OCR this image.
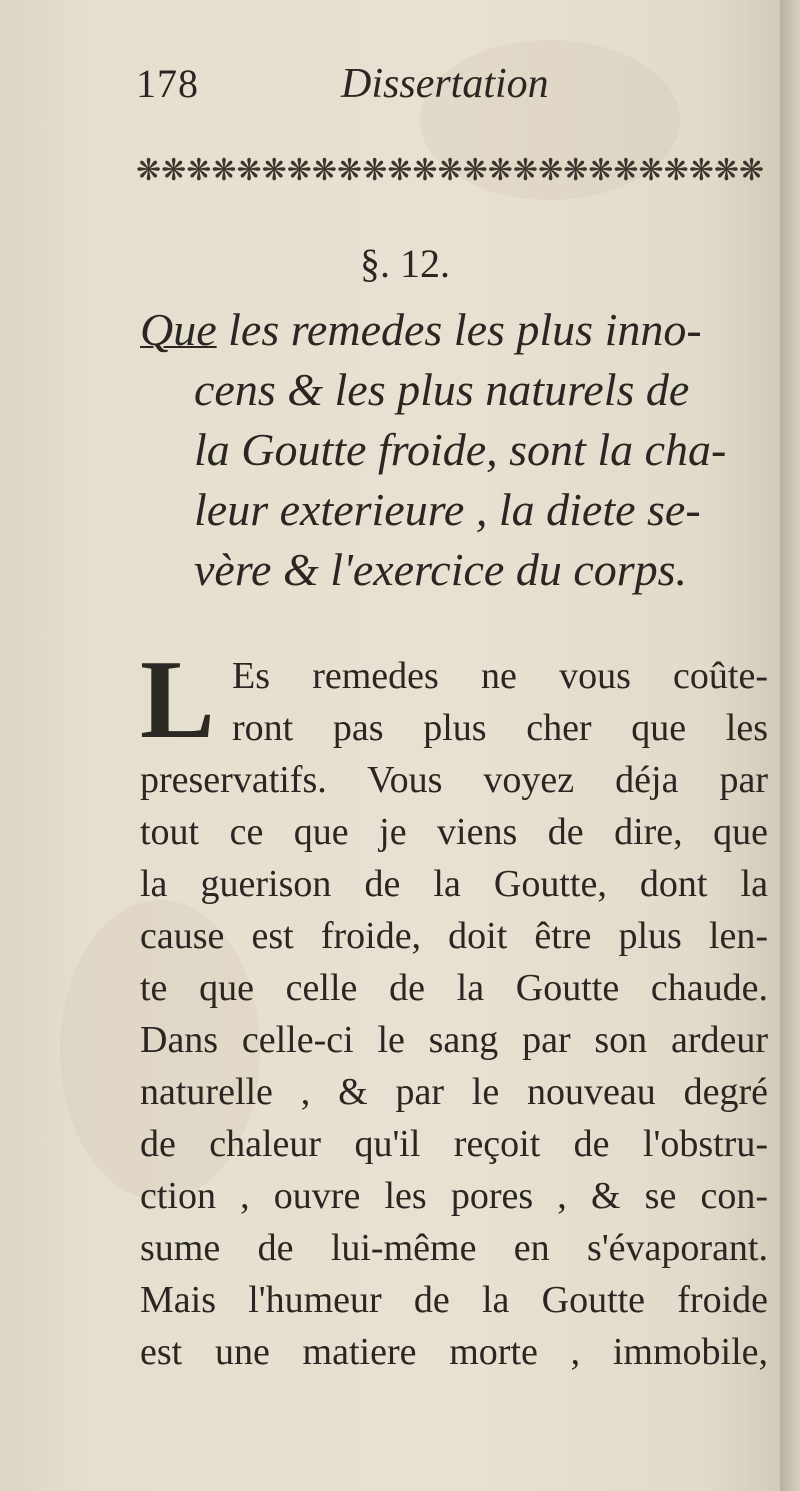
178	Dissertation
❋ ❋ ❋ ❋ ❋ ❋ ❋ ❋ ❋ ❋ ❋ ❋ ❋ ❋ ❋ ❋ ❋ ❋ ❋ ❋ ❋ ❋ ❋ ❋ ❋
§. 12.
Que les remedes les plus inno-
cens & les plus naturels de
la Goutte froide, sont la cha-
leur exterieure , la diete se-
vère & l'exercice du corps.
L Es remedes ne vous coûte-
ront pas plus cher que les
preservatifs. Vous voyez déja par
tout ce que je viens de dire, que
la guerison de la Goutte, dont la
cause est froide, doit être plus len-
te que celle de la Goutte chaude.
Dans celle-ci le sang par son ardeur
naturelle , & par le nouveau degré
de chaleur qu'il reçoit de l'obstru-
ction , ouvre les pores , & se con-
sume de lui-même en s'évaporant.
Mais l'humeur de la Goutte froide
est une matiere morte , immobile,
